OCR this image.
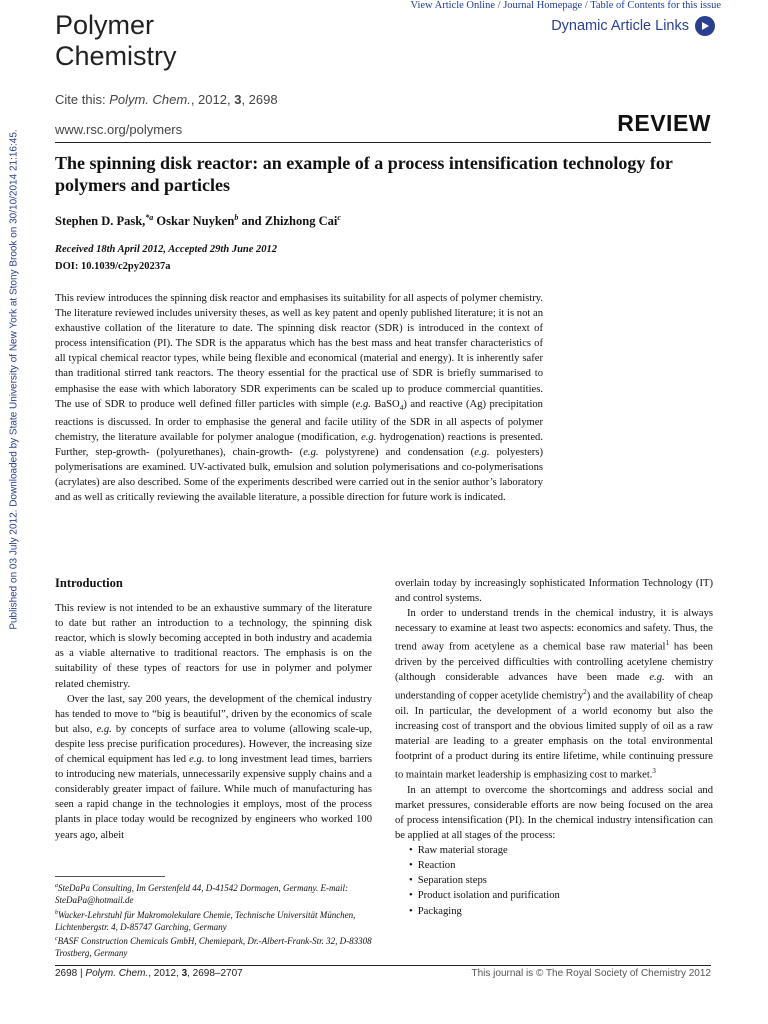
Published on 03 July 2012. Downloaded by State University of New York at Stony Brook on 30/10/2014 21:16:45.
Polymer
Chemistry
View Article Online / Journal Homepage / Table of Contents for this issue
Dynamic Article Links
Cite this: Polym. Chem., 2012, 3, 2698
www.rsc.org/polymers	REVIEW
The spinning disk reactor: an example of a process intensification technology for polymers and particles
Stephen D. Pask,$^{*a}$ Oskar Nuyken$^b$ and Zhizhong Cai$^c$
Received 18th April 2012, Accepted 29th June 2012
DOI: 10.1039/c2py20237a
This review introduces the spinning disk reactor and emphasises its suitability for all aspects of polymer chemistry. The literature reviewed includes university theses, as well as key patent and openly published literature; it is not an exhaustive collation of the literature to date. The spinning disk reactor (SDR) is introduced in the context of process intensification (PI). The SDR is the apparatus which has the best mass and heat transfer characteristics of all typical chemical reactor types, while being flexible and economical (material and energy). It is inherently safer than traditional stirred tank reactors. The theory essential for the practical use of SDR is briefly summarised to emphasise the ease with which laboratory SDR experiments can be scaled up to produce commercial quantities. The use of SDR to produce well defined filler particles with simple (e.g. BaSO$_4$) and reactive (Ag) precipitation reactions is discussed. In order to emphasise the general and facile utility of the SDR in all aspects of polymer chemistry, the literature available for polymer analogue (modification, e.g. hydrogenation) reactions is presented. Further, step-growth- (polyurethanes), chain-growth- (e.g. polystyrene) and condensation (e.g. polyesters) polymerisations are examined. UV-activated bulk, emulsion and solution polymerisations and co-polymerisations (acrylates) are also described. Some of the experiments described were carried out in the senior author’s laboratory and as well as critically reviewing the available literature, a possible direction for future work is indicated.
Introduction

This review is not intended to be an exhaustive summary of the literature to date but rather an introduction to a technology, the spinning disk reactor, which is slowly becoming accepted in both industry and academia as a viable alternative to traditional reactors. The emphasis is on the suitability of these types of reactors for use in polymer and polymer related chemistry.

Over the last, say 200 years, the development of the chemical industry has tended to move to “big is beautiful”, driven by the economics of scale but also, e.g. by concepts of surface area to volume (allowing scale-up, despite less precise purification procedures). However, the increasing size of chemical equipment has led e.g. to long investment lead times, barriers to introducing new materials, unnecessarily expensive supply chains and a considerably greater impact of failure. While much of manufacturing has seen a rapid change in the technologies it employs, most of the process plants in place today would be recognized by engineers who worked 100 years ago, albeit

overlain today by increasingly sophisticated Information Technology (IT) and control systems.

In order to understand trends in the chemical industry, it is always necessary to examine at least two aspects: economics and safety. Thus, the trend away from acetylene as a chemical base raw material$^1$ has been driven by the perceived difficulties with controlling acetylene chemistry (although considerable advances have been made e.g. with an understanding of copper acetylide chemistry$^2$) and the availability of cheap oil. In particular, the development of a world economy but also the increasing cost of transport and the obvious limited supply of oil as a raw material are leading to a greater emphasis on the total environmental footprint of a product during its entire lifetime, while continuing pressure to maintain market leadership is emphasizing cost to market.$^3$

In an attempt to overcome the shortcomings and address social and market pressures, considerable efforts are now being focused on the area of process intensification (PI). In the chemical industry intensification can be applied at all stages of the process:

• Raw material storage
• Reaction
• Separation steps
• Product isolation and purification
• Packaging
$^a$SteDaPa Consulting, Im Gerstenfeld 44, D-41542 Dormagen, Germany. E-mail: SteDaPa@hotmail.de
$^b$Wacker-Lehrstuhl für Makromolekulare Chemie, Technische Universität München, Lichtenbergstr. 4, D-85747 Garching, Germany
$^c$BASF Construction Chemicals GmbH, Chemiepark, Dr.-Albert-Frank-Str. 32, D-83308 Trostberg, Germany
2698 | Polym. Chem., 2012, 3, 2698–2707	This journal is © The Royal Society of Chemistry 2012
